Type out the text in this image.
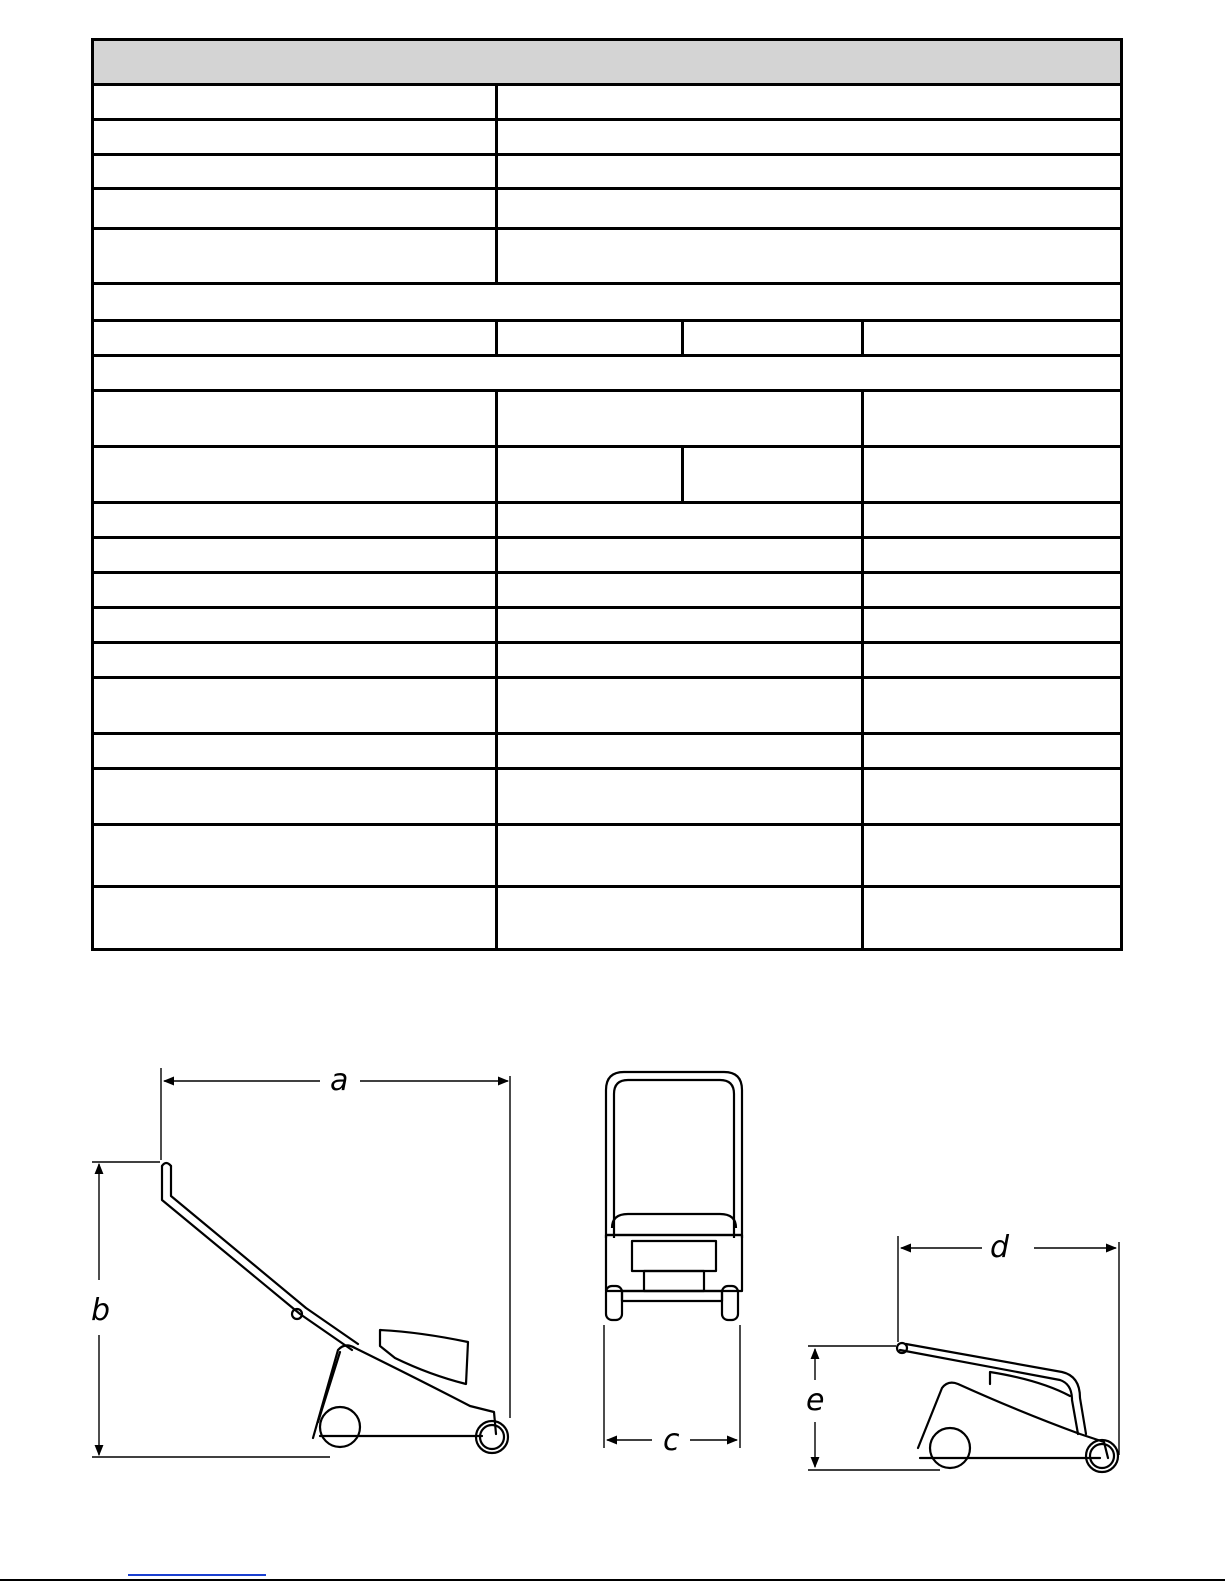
a
b
c
d
e
